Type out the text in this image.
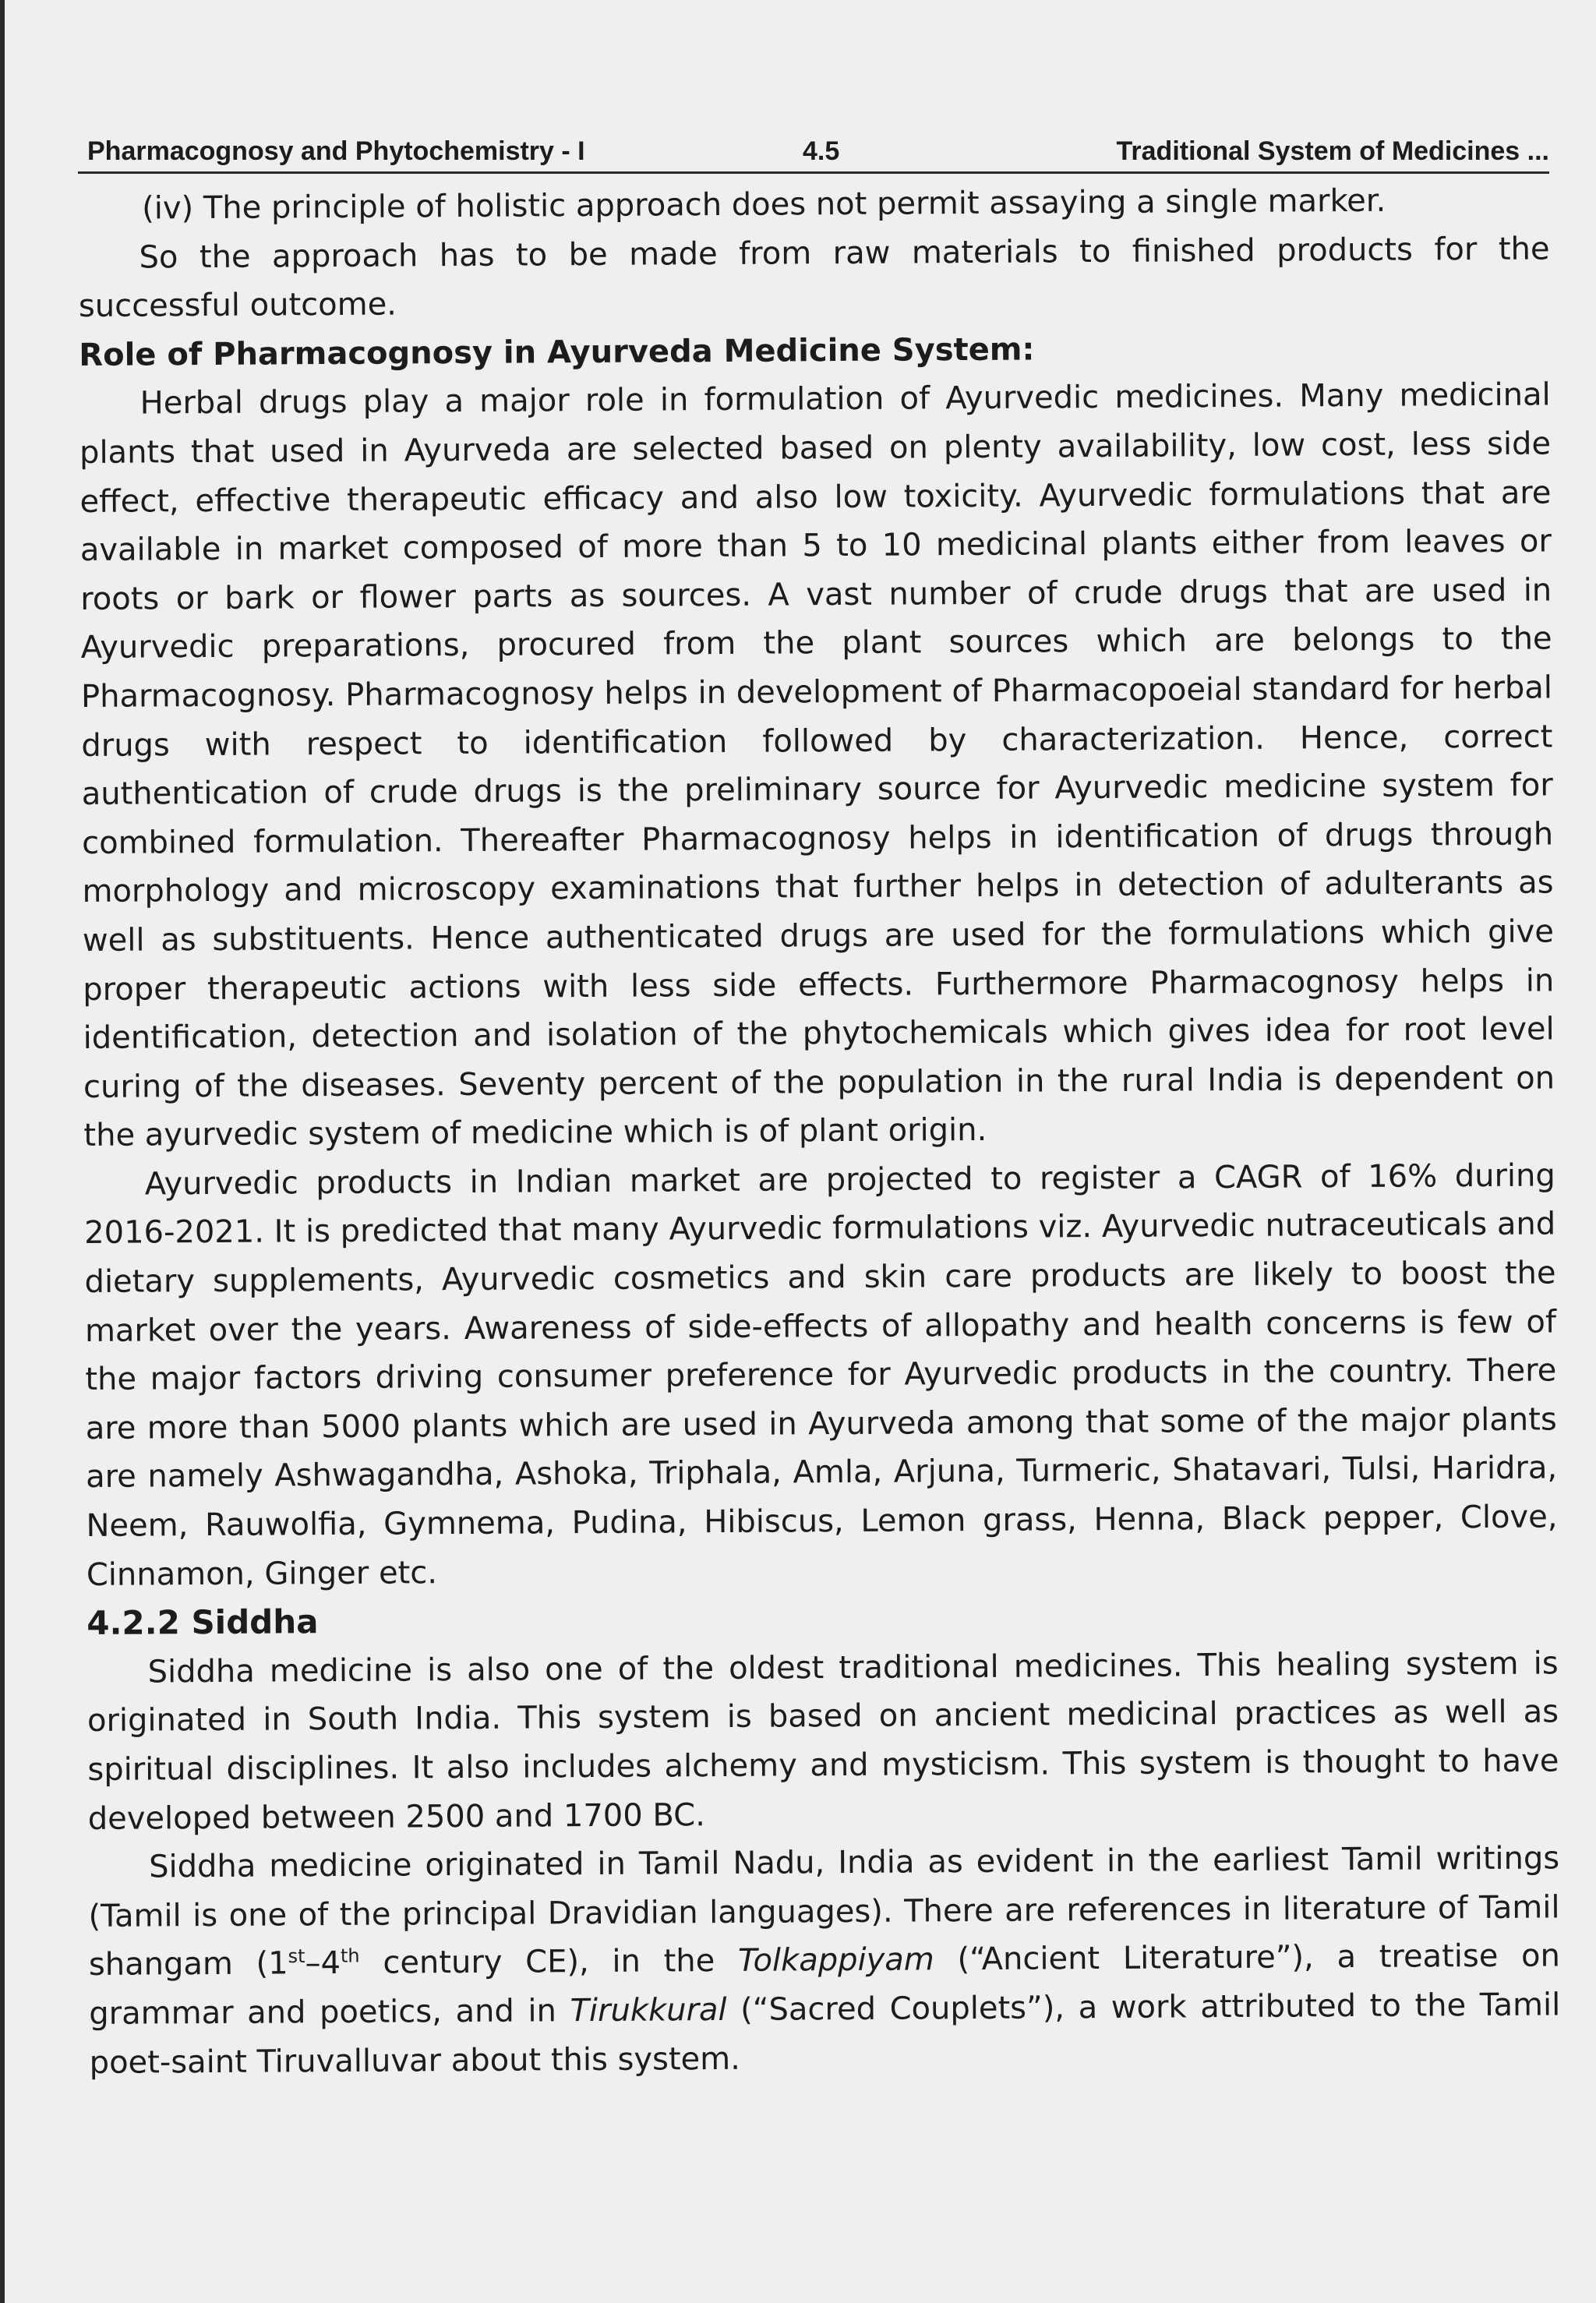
Pharmacognosy and Phytochemistry - I	4.5	Traditional System of Medicines ...

(iv) The principle of holistic approach does not permit assaying a single marker.

So the approach has to be made from raw materials to finished products for the successful outcome.

Role of Pharmacognosy in Ayurveda Medicine System:

Herbal drugs play a major role in formulation of Ayurvedic medicines. Many medicinal plants that used in Ayurveda are selected based on plenty availability, low cost, less side effect, effective therapeutic efficacy and also low toxicity. Ayurvedic formulations that are available in market composed of more than 5 to 10 medicinal plants either from leaves or roots or bark or flower parts as sources. A vast number of crude drugs that are used in Ayurvedic preparations, procured from the plant sources which are belongs to the Pharmacognosy. Pharmacognosy helps in development of Pharmacopoeial standard for herbal drugs with respect to identification followed by characterization. Hence, correct authentication of crude drugs is the preliminary source for Ayurvedic medicine system for combined formulation. Thereafter Pharmacognosy helps in identification of drugs through morphology and microscopy examinations that further helps in detection of adulterants as well as substituents. Hence authenticated drugs are used for the formulations which give proper therapeutic actions with less side effects. Furthermore Pharmacognosy helps in identification, detection and isolation of the phytochemicals which gives idea for root level curing of the diseases. Seventy percent of the population in the rural India is dependent on the ayurvedic system of medicine which is of plant origin.

Ayurvedic products in Indian market are projected to register a CAGR of 16% during 2016-2021. It is predicted that many Ayurvedic formulations viz. Ayurvedic nutraceuticals and dietary supplements, Ayurvedic cosmetics and skin care products are likely to boost the market over the years. Awareness of side-effects of allopathy and health concerns is few of the major factors driving consumer preference for Ayurvedic products in the country. There are more than 5000 plants which are used in Ayurveda among that some of the major plants are namely Ashwagandha, Ashoka, Triphala, Amla, Arjuna, Turmeric, Shatavari, Tulsi, Haridra, Neem, Rauwolfia, Gymnema, Pudina, Hibiscus, Lemon grass, Henna, Black pepper, Clove, Cinnamon, Ginger etc.

4.2.2 Siddha

Siddha medicine is also one of the oldest traditional medicines. This healing system is originated in South India. This system is based on ancient medicinal practices as well as spiritual disciplines. It also includes alchemy and mysticism. This system is thought to have developed between 2500 and 1700 BC.

Siddha medicine originated in Tamil Nadu, India as evident in the earliest Tamil writings (Tamil is one of the principal Dravidian languages). There are references in literature of Tamil shangam (1st–4th century CE), in the Tolkappiyam (“Ancient Literature”), a treatise on grammar and poetics, and in Tirukkural (“Sacred Couplets”), a work attributed to the Tamil poet-saint Tiruvalluvar about this system.
